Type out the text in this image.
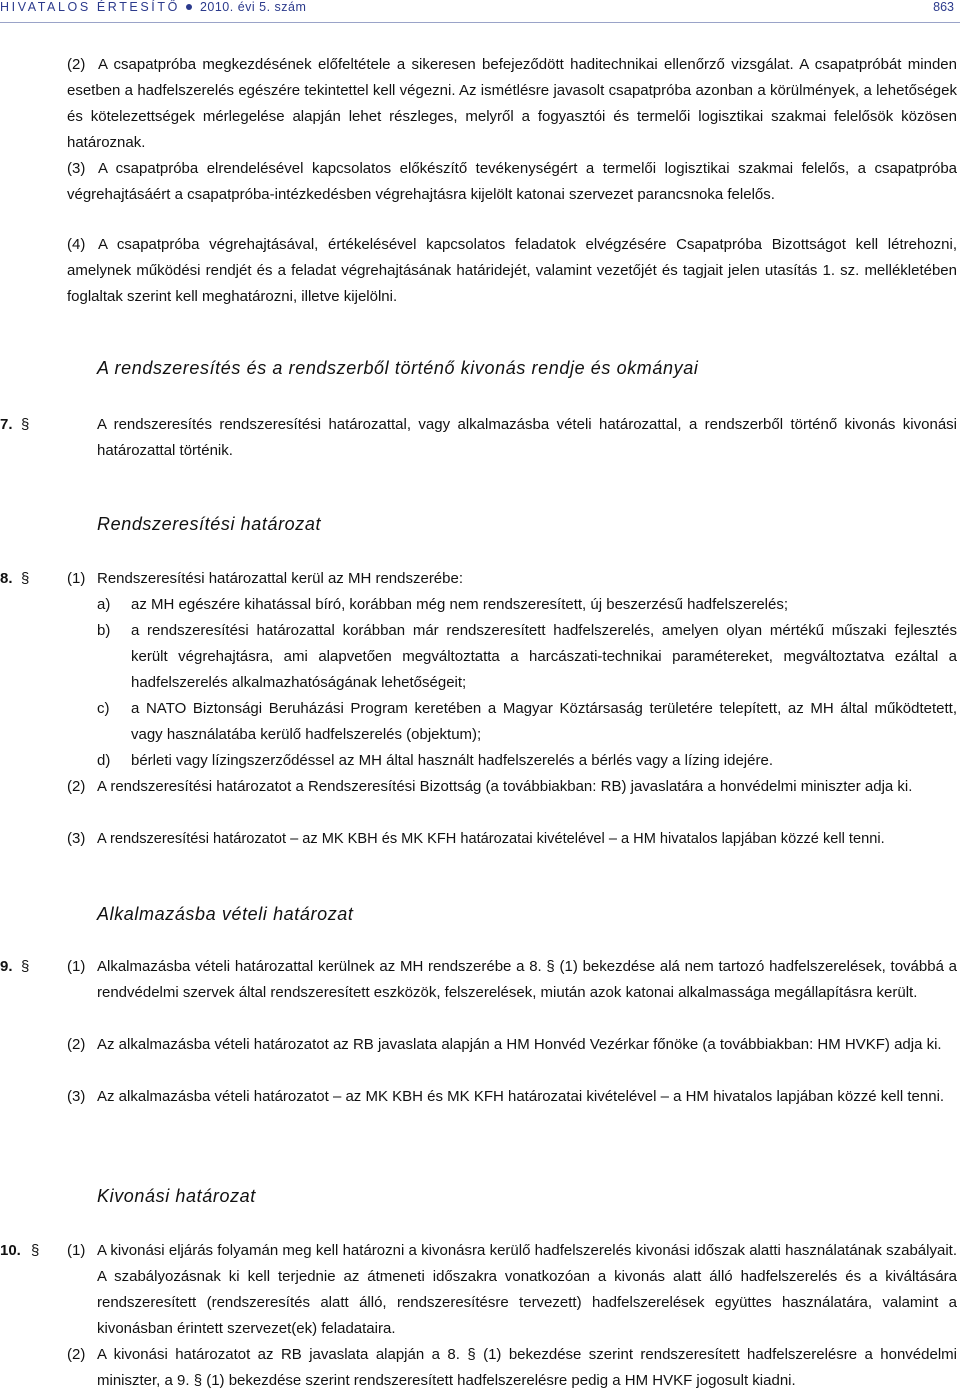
HIVATALOS ÉRTESÍTŐ 2010. évi 5. szám	863
(2) A csapatpróba megkezdésének előfeltétele a sikeresen befejeződött haditechnikai ellenőrző vizsgálat. A csapatpróbát minden esetben a hadfelszerelés egészére tekintettel kell végezni. Az ismétlésre javasolt csapatpróba azonban a körülmények, a lehetőségek és kötelezettségek mérlegelése alapján lehet részleges, melyről a fogyasztói és termelői logisztikai szakmai felelősök közösen határoznak.
(3) A csapatpróba elrendelésével kapcsolatos előkészítő tevékenységért a termelői logisztikai szakmai felelős, a csapatpróba végrehajtásáért a csapatpróba-intézkedésben végrehajtásra kijelölt katonai szervezet parancsnoka felelős.
(4) A csapatpróba végrehajtásával, értékelésével kapcsolatos feladatok elvégzésére Csapatpróba Bizottságot kell létrehozni, amelynek működési rendjét és a feladat végrehajtásának határidejét, valamint vezetőjét és tagjait jelen utasítás 1. sz. mellékletében foglaltak szerint kell meghatározni, illetve kijelölni.
A rendszeresítés és a rendszerből történő kivonás rendje és okmányai
7. §	A rendszeresítés rendszeresítési határozattal, vagy alkalmazásba vételi határozattal, a rendszerből történő kivonás kivonási határozattal történik.
Rendszeresítési határozat
8. §	(1) Rendszeresítési határozattal kerül az MH rendszerébe:
a) az MH egészére kihatással bíró, korábban még nem rendszeresített, új beszerzésű hadfelszerelés;
b) a rendszeresítési határozattal korábban már rendszeresített hadfelszerelés, amelyen olyan mértékű műszaki fejlesztés került végrehajtásra, ami alapvetően megváltoztatta a harcászati-technikai paramétereket, megváltoztatva ezáltal a hadfelszerelés alkalmazhatóságának lehetőségeit;
c) a NATO Biztonsági Beruházási Program keretében a Magyar Köztársaság területére telepített, az MH által működtetett, vagy használatába kerülő hadfelszerelés (objektum);
d) bérleti vagy lízingszerződéssel az MH által használt hadfelszerelés a bérlés vagy a lízing idejére.
(2) A rendszeresítési határozatot a Rendszeresítési Bizottság (a továbbiakban: RB) javaslatára a honvédelmi miniszter adja ki.
(3) A rendszeresítési határozatot – az MK KBH és MK KFH határozatai kivételével – a HM hivatalos lapjában közzé kell tenni.
Alkalmazásba vételi határozat
9. §	(1) Alkalmazásba vételi határozattal kerülnek az MH rendszerébe a 8. § (1) bekezdése alá nem tartozó hadfelszerelések, továbbá a rendvédelmi szervek által rendszeresített eszközök, felszerelések, miután azok katonai alkalmassága megállapításra került.
(2) Az alkalmazásba vételi határozatot az RB javaslata alapján a HM Honvéd Vezérkar főnöke (a továbbiakban: HM HVKF) adja ki.
(3) Az alkalmazásba vételi határozatot – az MK KBH és MK KFH határozatai kivételével – a HM hivatalos lapjában közzé kell tenni.
Kivonási határozat
10. § (1) A kivonási eljárás folyamán meg kell határozni a kivonásra kerülő hadfelszerelés kivonási időszak alatti használatának szabályait. A szabályozásnak ki kell terjednie az átmeneti időszakra vonatkozóan a kivonás alatt álló hadfelszerelés és a kiváltására rendszeresített (rendszeresítés alatt álló, rendszeresítésre tervezett) hadfelszerelések együttes használatára, valamint a kivonásban érintett szervezet(ek) feladataira.
(2) A kivonási határozatot az RB javaslata alapján a 8. § (1) bekezdése szerint rendszeresített hadfelszerelésre a honvédelmi miniszter, a 9. § (1) bekezdése szerint rendszeresített hadfelszerelésre pedig a HM HVKF jogosult kiadni.
